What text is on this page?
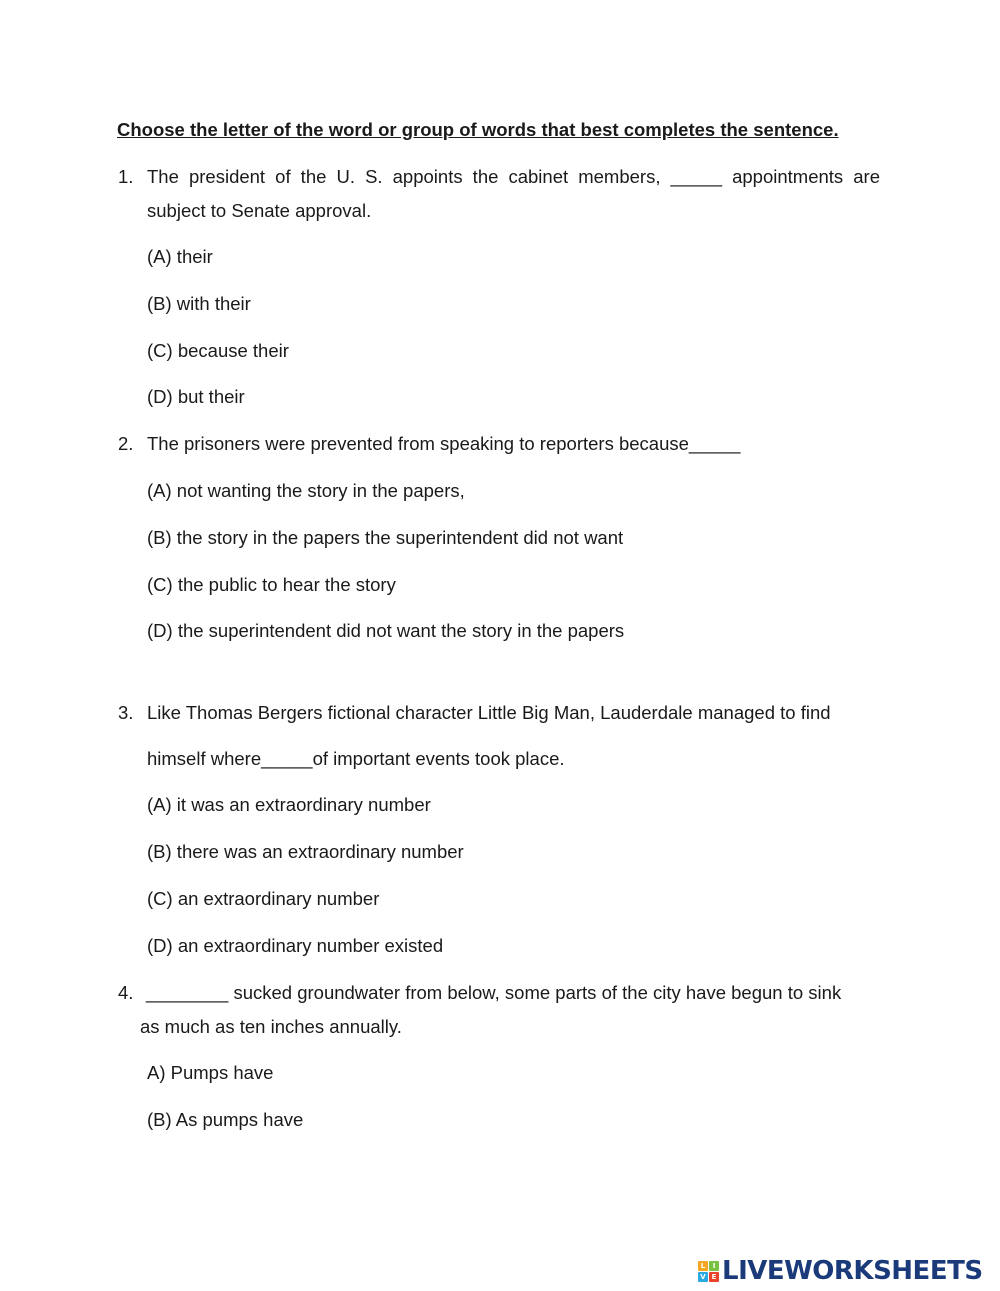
Choose the letter of the word or group of words that best completes the sentence.
1. The president of the U. S. appoints the cabinet members, _____ appointments are
subject to Senate approval.
(A) their
(B) with their
(C) because their
(D) but their
2. The prisoners were prevented from speaking to reporters because_____
(A) not wanting the story in the papers,
(B) the story in the papers the superintendent did not want
(C) the public to hear the story
(D) the superintendent did not want the story in the papers
3. Like Thomas Bergers fictional character Little Big Man, Lauderdale managed to find
himself where_____of important events took place.
(A) it was an extraordinary number
(B) there was an extraordinary number
(C) an extraordinary number
(D) an extraordinary number existed
4. ________ sucked groundwater from below, some parts of the city have begun to sink
as much as ten inches annually.
A) Pumps have
(B) As pumps have
L	I
V E LIVEWORKSHEETS
